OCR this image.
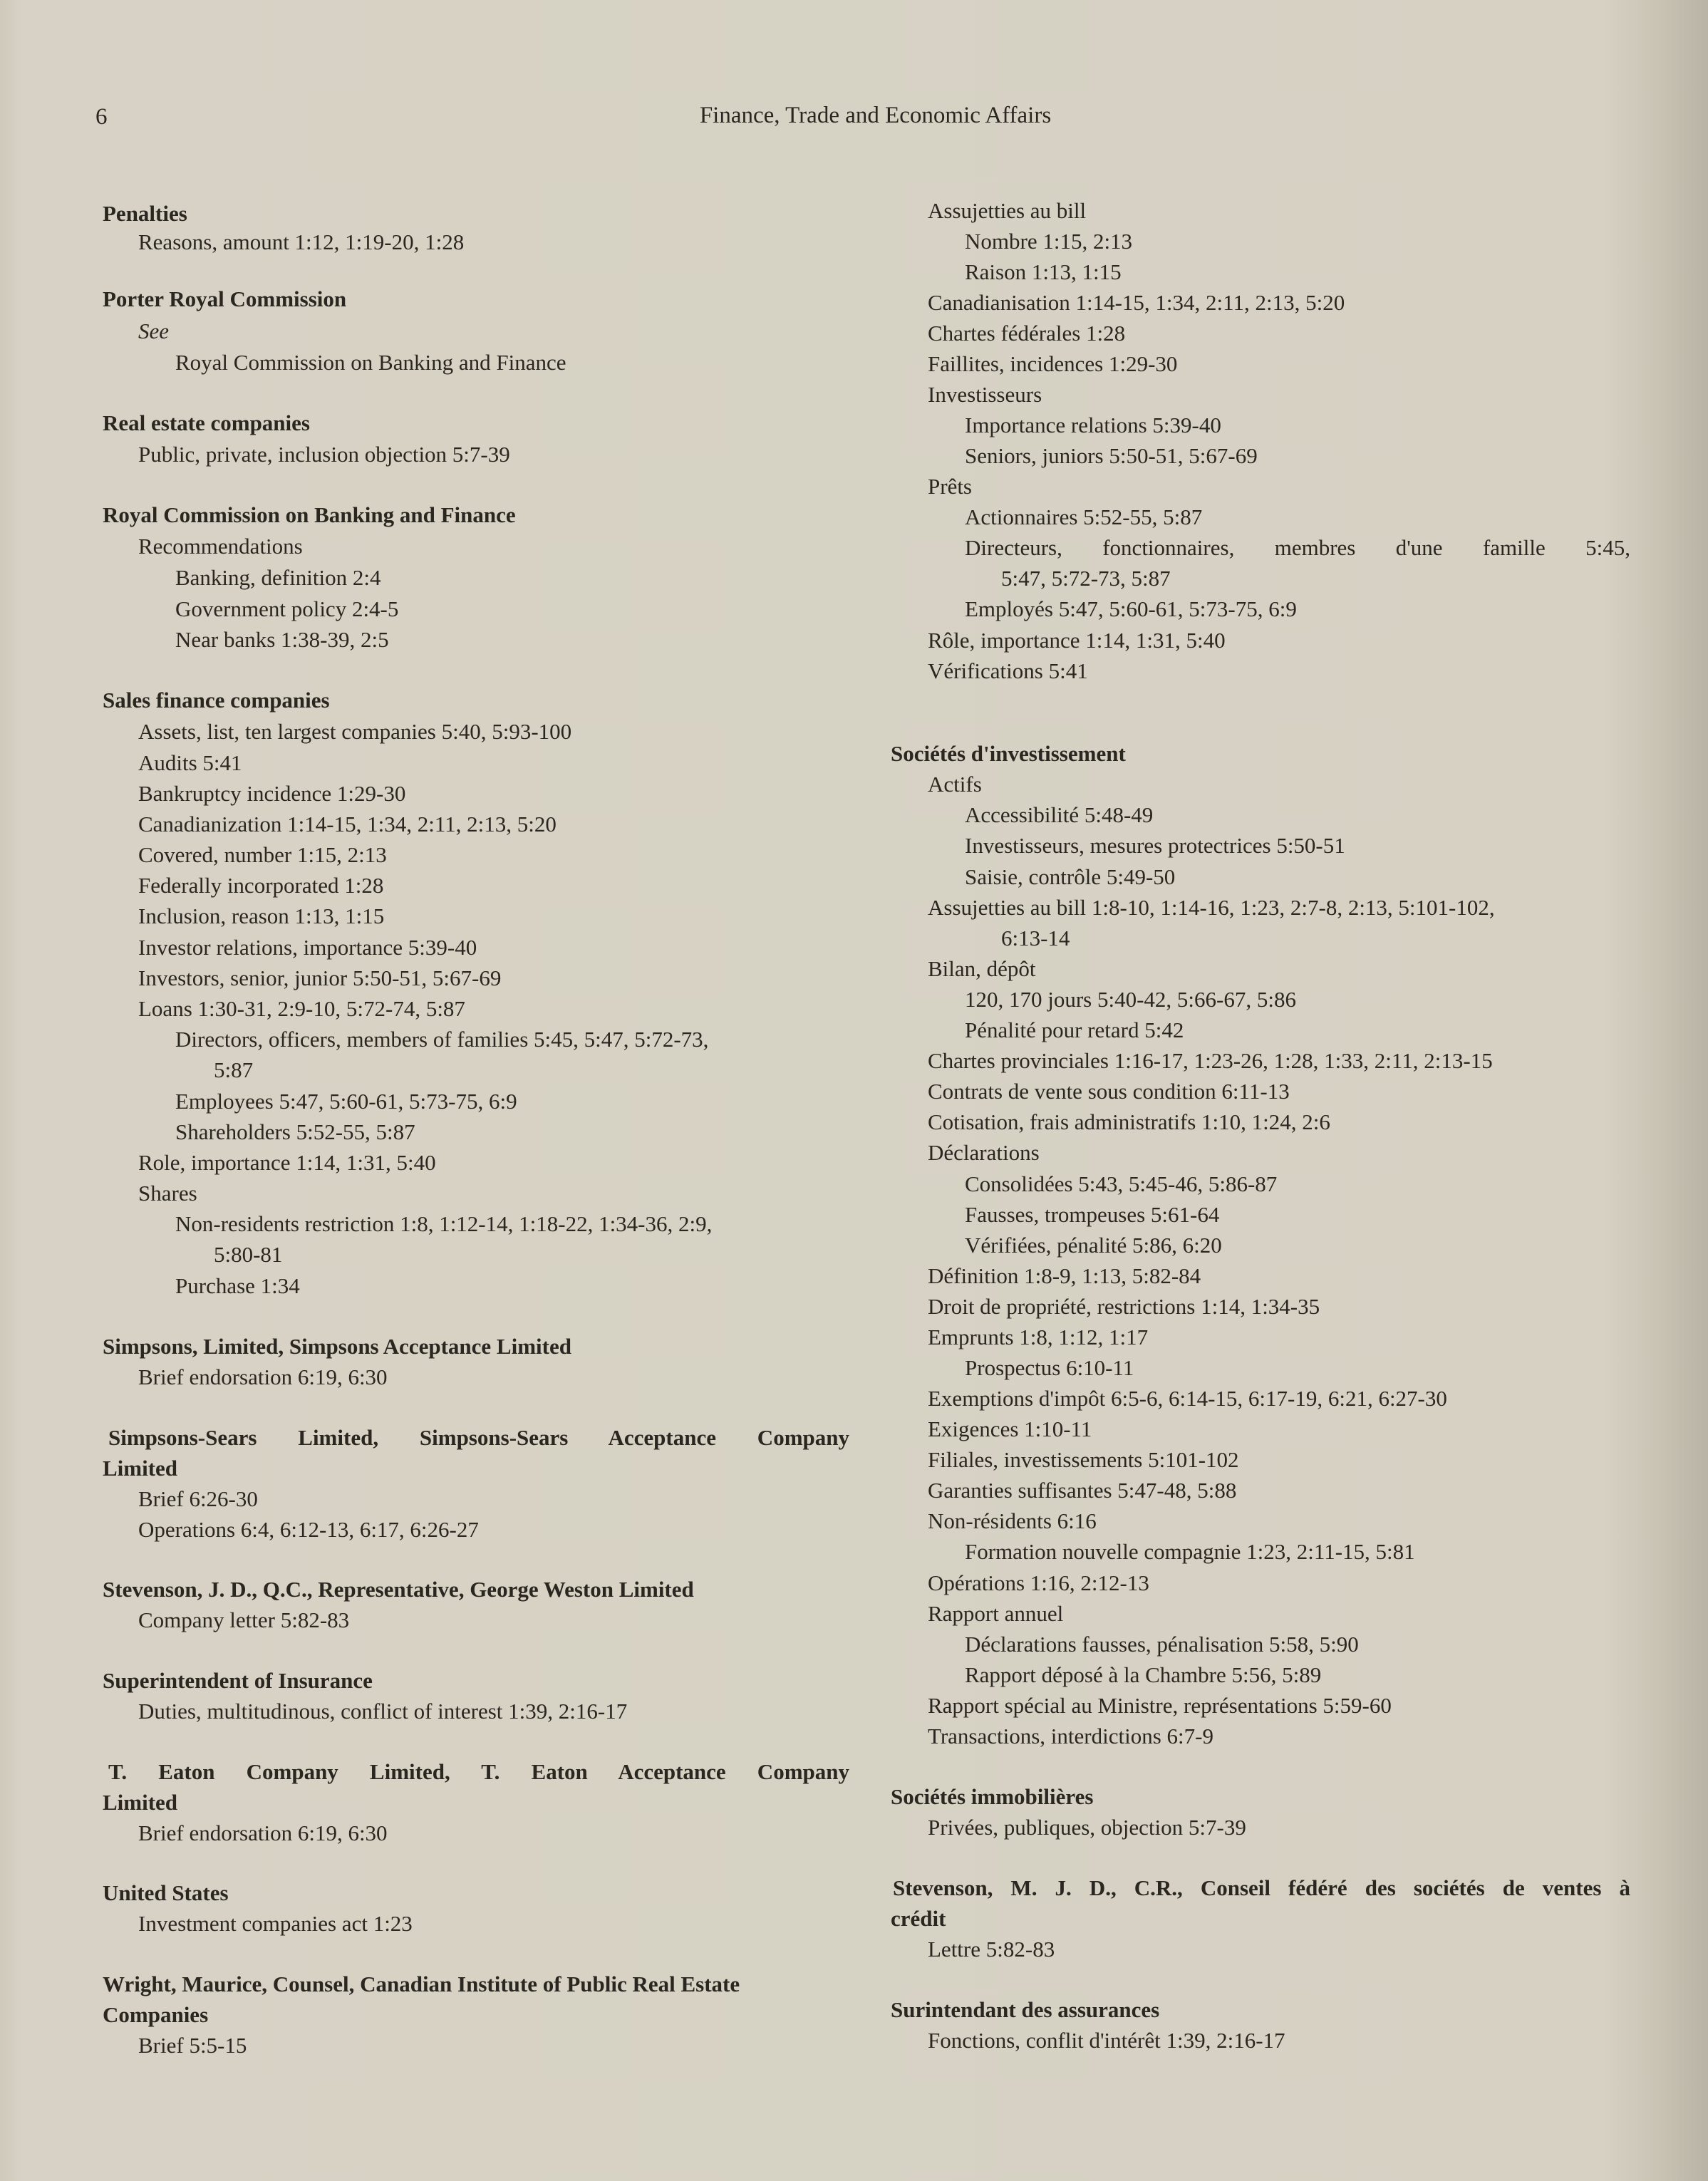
6	Finance, Trade and Economic Affairs
Penalties
Reasons, amount 1:12, 1:19-20, 1:28
Porter Royal Commission
See
Royal Commission on Banking and Finance
Real estate companies
Public, private, inclusion objection 5:7-39
Royal Commission on Banking and Finance
Recommendations
Banking, definition 2:4
Government policy 2:4-5
Near banks 1:38-39, 2:5
Sales finance companies
Assets, list, ten largest companies 5:40, 5:93-100
Audits 5:41
Bankruptcy incidence 1:29-30
Canadianization 1:14-15, 1:34, 2:11, 2:13, 5:20
Covered, number 1:15, 2:13
Federally incorporated 1:28
Inclusion, reason 1:13, 1:15
Investor relations, importance 5:39-40
Investors, senior, junior 5:50-51, 5:67-69
Loans 1:30-31, 2:9-10, 5:72-74, 5:87
Directors, officers, members of families 5:45, 5:47, 5:72-73,
5:87
Employees 5:47, 5:60-61, 5:73-75, 6:9
Shareholders 5:52-55, 5:87
Role, importance 1:14, 1:31, 5:40
Shares
Non-residents restriction 1:8, 1:12-14, 1:18-22, 1:34-36, 2:9,
5:80-81
Purchase 1:34
Simpsons, Limited, Simpsons Acceptance Limited
Brief endorsation 6:19, 6:30
Simpsons-Sears Limited, Simpsons-Sears Acceptance Company
Limited
Brief 6:26-30
Operations 6:4, 6:12-13, 6:17, 6:26-27
Stevenson, J. D., Q.C., Representative, George Weston Limited
Company letter 5:82-83
Superintendent of Insurance
Duties, multitudinous, conflict of interest 1:39, 2:16-17
T. Eaton Company Limited, T. Eaton Acceptance Company
Limited
Brief endorsation 6:19, 6:30
United States
Investment companies act 1:23
Wright, Maurice, Counsel, Canadian Institute of Public Real Estate
Companies
Brief 5:5-15
Assujetties au bill
Nombre 1:15, 2:13
Raison 1:13, 1:15
Canadianisation 1:14-15, 1:34, 2:11, 2:13, 5:20
Chartes fédérales 1:28
Faillites, incidences 1:29-30
Investisseurs
Importance relations 5:39-40
Seniors, juniors 5:50-51, 5:67-69
Prêts
Actionnaires 5:52-55, 5:87
Directeurs, fonctionnaires, membres d'une famille 5:45,
5:47, 5:72-73, 5:87
Employés 5:47, 5:60-61, 5:73-75, 6:9
Rôle, importance 1:14, 1:31, 5:40
Vérifications 5:41
Sociétés d'investissement
Actifs
Accessibilité 5:48-49
Investisseurs, mesures protectrices 5:50-51
Saisie, contrôle 5:49-50
Assujetties au bill 1:8-10, 1:14-16, 1:23, 2:7-8, 2:13, 5:101-102,
6:13-14
Bilan, dépôt
120, 170 jours 5:40-42, 5:66-67, 5:86
Pénalité pour retard 5:42
Chartes provinciales 1:16-17, 1:23-26, 1:28, 1:33, 2:11, 2:13-15
Contrats de vente sous condition 6:11-13
Cotisation, frais administratifs 1:10, 1:24, 2:6
Déclarations
Consolidées 5:43, 5:45-46, 5:86-87
Fausses, trompeuses 5:61-64
Vérifiées, pénalité 5:86, 6:20
Définition 1:8-9, 1:13, 5:82-84
Droit de propriété, restrictions 1:14, 1:34-35
Emprunts 1:8, 1:12, 1:17
Prospectus 6:10-11
Exemptions d'impôt 6:5-6, 6:14-15, 6:17-19, 6:21, 6:27-30
Exigences 1:10-11
Filiales, investissements 5:101-102
Garanties suffisantes 5:47-48, 5:88
Non-résidents 6:16
Formation nouvelle compagnie 1:23, 2:11-15, 5:81
Opérations 1:16, 2:12-13
Rapport annuel
Déclarations fausses, pénalisation 5:58, 5:90
Rapport déposé à la Chambre 5:56, 5:89
Rapport spécial au Ministre, représentations 5:59-60
Transactions, interdictions 6:7-9
Sociétés immobilières
Privées, publiques, objection 5:7-39
Stevenson, M. J. D., C.R., Conseil fédéré des sociétés de ventes à
crédit
Lettre 5:82-83
Surintendant des assurances
Fonctions, conflit d'intérêt 1:39, 2:16-17
